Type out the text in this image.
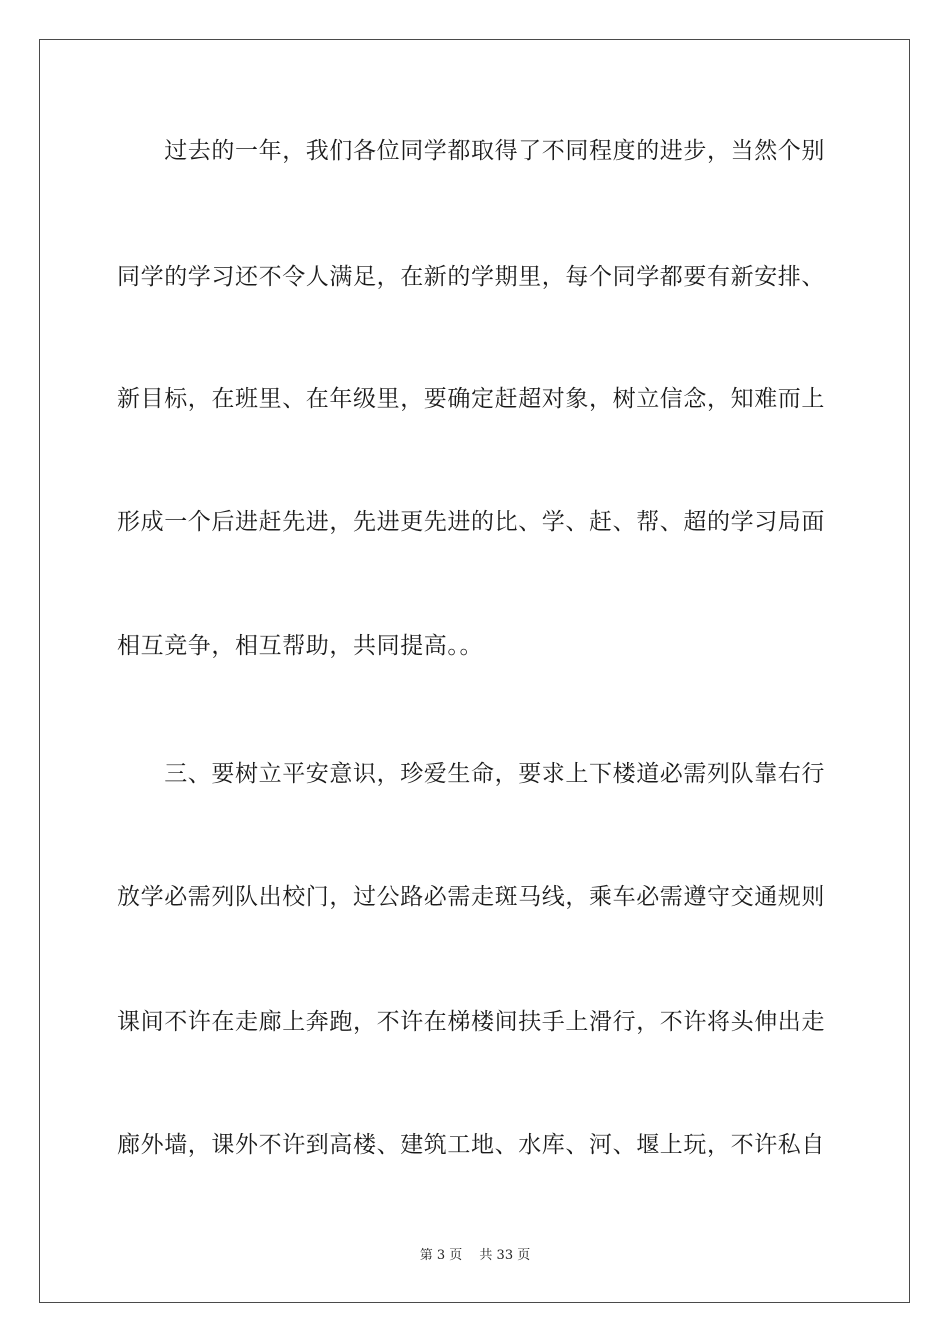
　　过去的一年，我们各位同学都取得了不同程度的进步，当然个别
同学的学习还不令人满足，在新的学期里，每个同学都要有新安排、
新目标，在班里、在年级里，要确定赶超对象，树立信念，知难而上
形成一个后进赶先进，先进更先进的比、学、赶、帮、超的学习局面
相互竞争，相互帮助，共同提高。。
　　三、要树立平安意识，珍爱生命，要求上下楼道必需列队靠右行
放学必需列队出校门，过公路必需走斑马线，乘车必需遵守交通规则
课间不许在走廊上奔跑，不许在梯楼间扶手上滑行，不许将头伸出走
廊外墙，课外不许到高楼、建筑工地、水库、河、堰上玩，不许私自
第 3 页　 共 33 页
